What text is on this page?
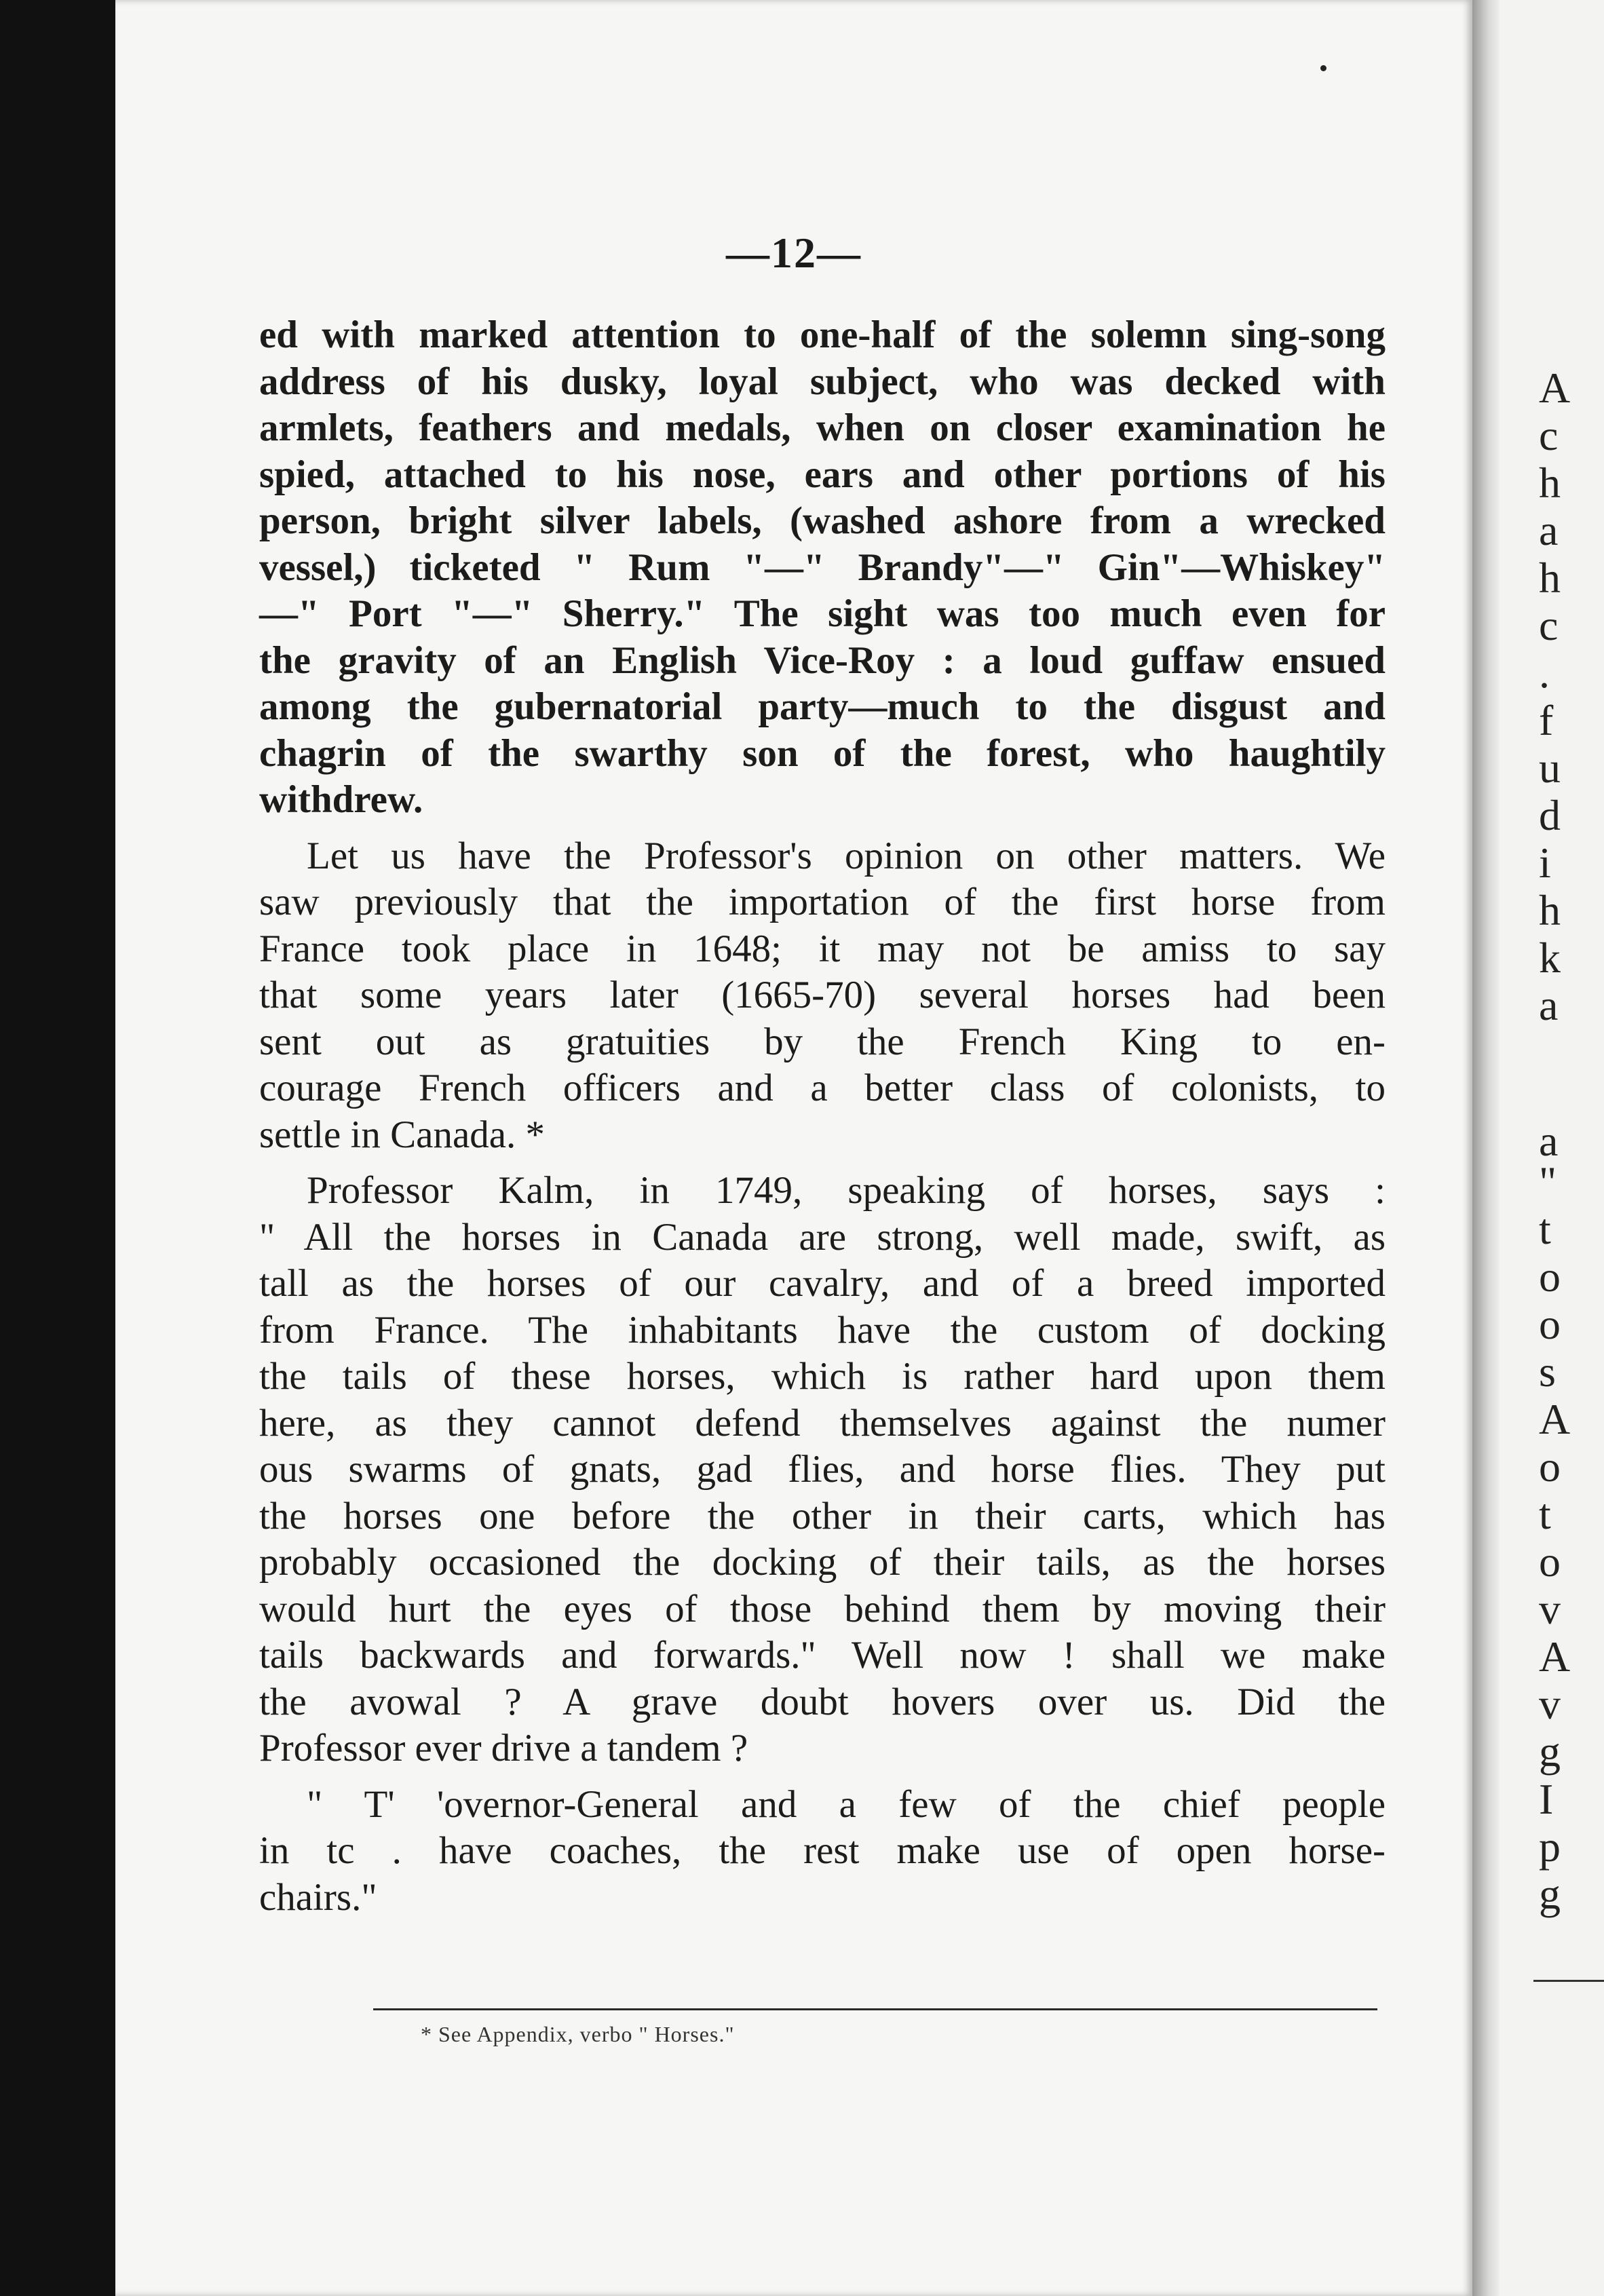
—12—
A
c
h
a
h
c
.
f
u
d
i
h
k
a
a
"
t
o
o
s
A
o
t
o
v
A
v
g
I
p
g
ed with marked attention to one-half of the solemn sing-song
address of his dusky, loyal subject, who was decked with
armlets, feathers and medals, when on closer examination he
spied, attached to his nose, ears and other portions of his
person, bright silver labels, (washed ashore from a wrecked
vessel,) ticketed " Rum "—" Brandy"—" Gin"—Whiskey"
—" Port "—" Sherry." The sight was too much even for
the gravity of an English Vice-Roy : a loud guffaw ensued
among the gubernatorial party—much to the disgust and
chagrin of the swarthy son of the forest, who haughtily
withdrew.
Let us have the Professor's opinion on other matters. We
saw previously that the importation of the first horse from
France took place in 1648; it may not be amiss to say
that some years later (1665-70) several horses had been
sent out as gratuities by the French King to en-
courage French officers and a better class of colonists, to
settle in Canada. *
Professor Kalm, in 1749, speaking of horses, says :
" All the horses in Canada are strong, well made, swift, as
tall as the horses of our cavalry, and of a breed imported
from France. The inhabitants have the custom of docking
the tails of these horses, which is rather hard upon them
here, as they cannot defend themselves against the numer
ous swarms of gnats, gad flies, and horse flies. They put
the horses one before the other in their carts, which has
probably occasioned the docking of their tails, as the horses
would hurt the eyes of those behind them by moving their
tails backwards and forwards." Well now ! shall we make
the avowal ? A grave doubt hovers over us. Did the
Professor ever drive a tandem ?
" T' 'overnor-General and a few of the chief people
in tc . have coaches, the rest make use of open horse-
chairs."
* See Appendix, verbo " Horses."
